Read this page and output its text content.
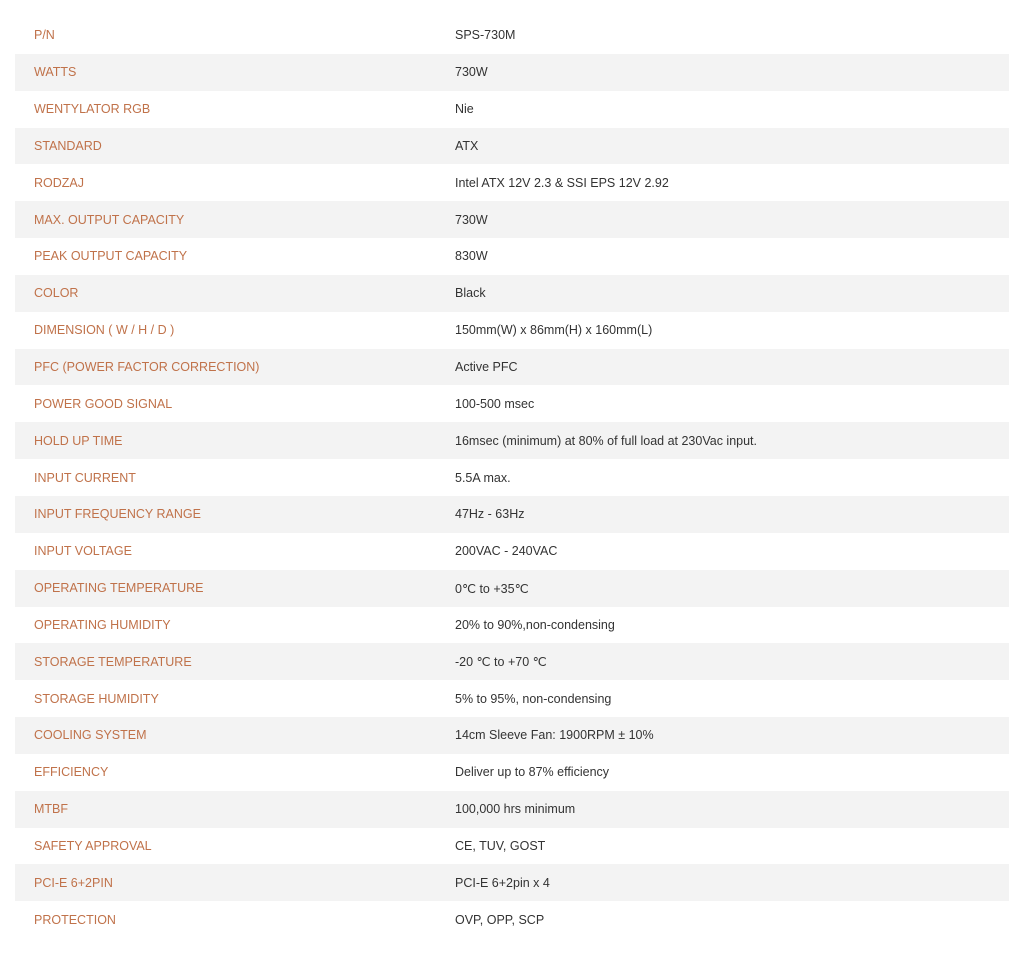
P/N	SPS-730M
WATTS	730W
WENTYLATOR RGB	Nie
STANDARD	ATX
RODZAJ	Intel ATX 12V 2.3 & SSI EPS 12V 2.92
MAX. OUTPUT CAPACITY	730W
PEAK OUTPUT CAPACITY	830W
COLOR	Black
DIMENSION ( W / H / D )	150mm(W) x 86mm(H) x 160mm(L)
PFC (POWER FACTOR CORRECTION)	Active PFC
POWER GOOD SIGNAL	100-500 msec
HOLD UP TIME	16msec (minimum) at 80% of full load at 230Vac input.
INPUT CURRENT	5.5A max.
INPUT FREQUENCY RANGE	47Hz - 63Hz
INPUT VOLTAGE	200VAC - 240VAC
OPERATING TEMPERATURE	0℃ to +35℃
OPERATING HUMIDITY	20% to 90%,non-condensing
STORAGE TEMPERATURE	-20 ℃ to +70 ℃
STORAGE HUMIDITY	5% to 95%, non-condensing
COOLING SYSTEM	14cm Sleeve Fan: 1900RPM ± 10%
EFFICIENCY	Deliver up to 87% efficiency
MTBF	100,000 hrs minimum
SAFETY APPROVAL	CE, TUV, GOST
PCI-E 6+2PIN	PCI-E 6+2pin x 4
PROTECTION	OVP, OPP, SCP
